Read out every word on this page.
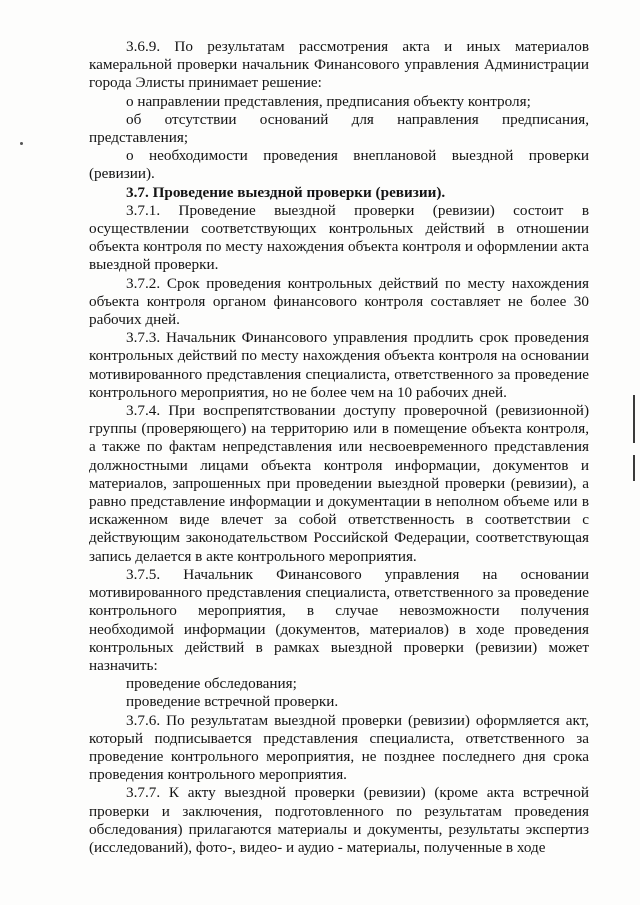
3.6.9. По результатам рассмотрения акта и иных материалов камеральной проверки начальник Финансового управления Администрации города Элисты принимает решение:

о направлении представления, предписания объекту контроля;

об отсутствии оснований для направления предписания, представления;

о необходимости проведения внеплановой выездной проверки (ревизии).

3.7. Проведение выездной проверки (ревизии).

3.7.1. Проведение выездной проверки (ревизии) состоит в осуществлении соответствующих контрольных действий в отношении объекта контроля по месту нахождения объекта контроля и оформлении акта выездной проверки.

3.7.2. Срок проведения контрольных действий по месту нахождения объекта контроля органом финансового контроля составляет не более 30 рабочих дней.

3.7.3. Начальник Финансового управления продлить срок проведения контрольных действий по месту нахождения объекта контроля на основании мотивированного представления специалиста, ответственного за проведение контрольного мероприятия, но не более чем на 10 рабочих дней.

3.7.4. При воспрепятствовании доступу проверочной (ревизионной) группы (проверяющего) на территорию или в помещение объекта контроля, а также по фактам непредставления или несвоевременного представления должностными лицами объекта контроля информации, документов и материалов, запрошенных при проведении выездной проверки (ревизии), а равно представление информации и документации в неполном объеме или в искаженном виде влечет за собой ответственность в соответствии с действующим законодательством Российской Федерации, соответствующая запись делается в акте контрольного мероприятия.

3.7.5. Начальник Финансового управления на основании мотивированного представления специалиста, ответственного за проведение контрольного мероприятия, в случае невозможности получения необходимой информации (документов, материалов) в ходе проведения контрольных действий в рамках выездной проверки (ревизии) может назначить:

проведение обследования;

проведение встречной проверки.

3.7.6. По результатам выездной проверки (ревизии) оформляется акт, который подписывается представления специалиста, ответственного за проведение контрольного мероприятия, не позднее последнего дня срока проведения контрольного мероприятия.

3.7.7. К акту выездной проверки (ревизии) (кроме акта встречной проверки и заключения, подготовленного по результатам проведения обследования) прилагаются материалы и документы, результаты экспертиз (исследований), фото-, видео- и аудио - материалы, полученные в ходе
